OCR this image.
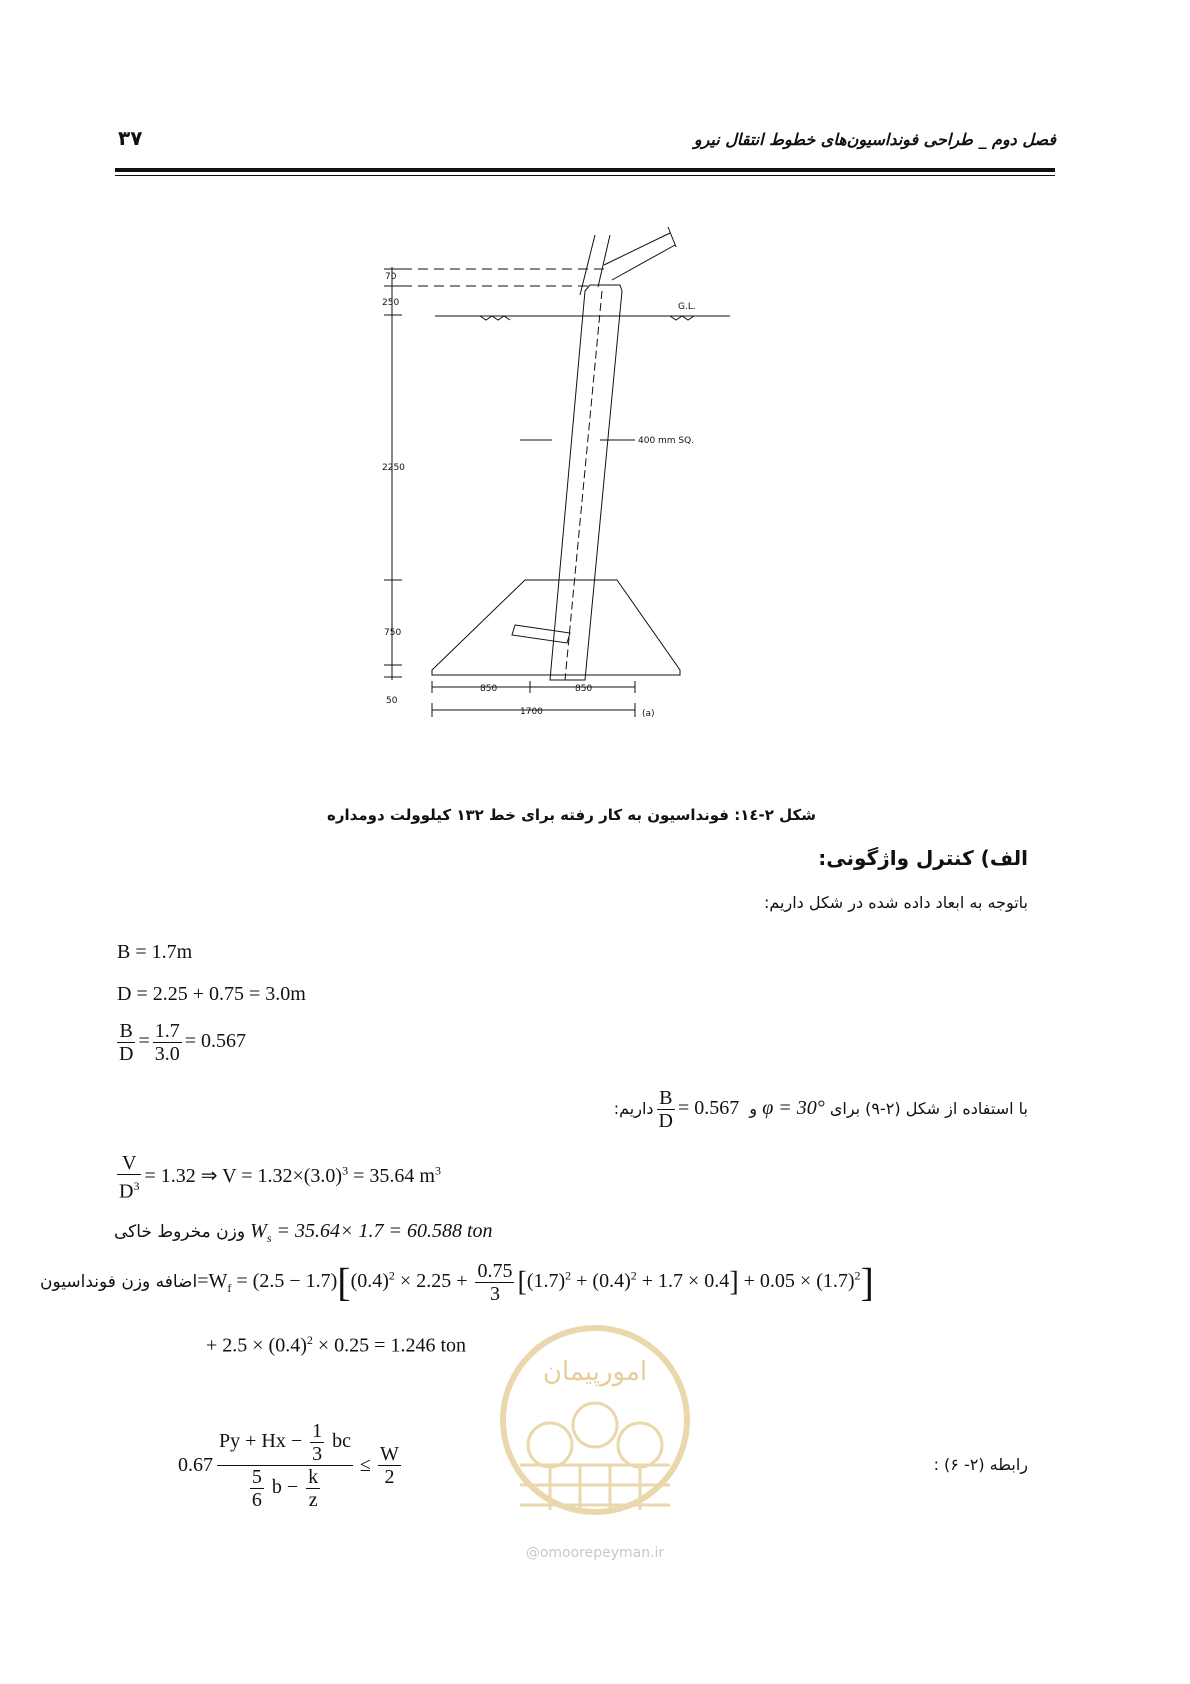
۳۷	فصل دوم _ طراحی فونداسیون‌های خطوط انتقال نیرو
70
250
2250
750
50
G.L.
400 mm SQ.
850	850
1700	(a)
شکل ۲-۱٤: فونداسیون به کار رفته برای خط ۱۳۲ کیلوولت دومداره
الف) کنترل واژگونی:
باتوجه به ابعاد داده شده در شکل داریم:
B = 1.7m
D = 2.25 + 0.75 = 3.0m
$\frac{B}{D} = \frac{1.7}{3.0} = 0.567$
با استفاده از شکل (۲-۹) برای φ = 30° و
$\frac{B}{D} = 0.567$ داریم:
$\frac{V}{D^3} = 1.32$ ⇒ $V = 1.32\times(3.0)^3 = 35.64$ $m^3$
وزن مخروط خاکی $W_s = 35.64\times 1.7 = 60.588$ ton
اضافه وزن $فونداسیون=W_f = (2.5 - 1.7)[(0.4)^2 \times 2.25 + \frac{0.75}{3} [(1.7)^2 + (0.4)^2 + 1.7 \times 0.4] + 0.05 \times (1.7)^2]$
+ $2.5 \times (0.4)^2 \times 0.25 = 1.246$ ton
امورپیمان
@omoorepeyman.ir
$0.67 \frac{Py + Hx - \frac{1}{3} bc}{\frac{5}{6} b - \frac{k}{z}} \le \frac{W}{2}$	رابطه (۲- ۶) :
